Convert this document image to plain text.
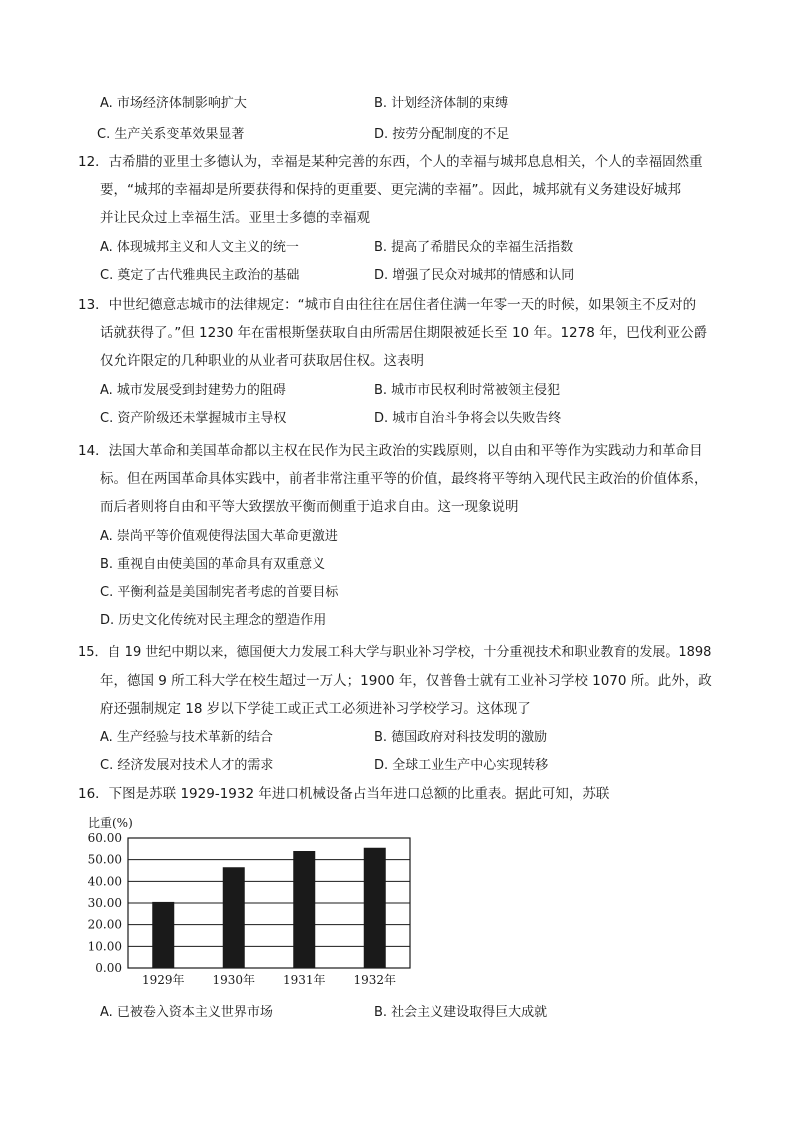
A. 市场经济体制影响扩大	B. 计划经济体制的束缚
C. 生产关系变革效果显著	D. 按劳分配制度的不足
12．古希腊的亚里士多德认为，幸福是某种完善的东西，个人的幸福与城邦息息相关，个人的幸福固然重
要，“城邦的幸福却是所要获得和保持的更重要、更完满的幸福”。因此，城邦就有义务建设好城邦
并让民众过上幸福生活。亚里士多德的幸福观
A. 体现城邦主义和人文主义的统一	B. 提高了希腊民众的幸福生活指数
C. 奠定了古代雅典民主政治的基础	D. 增强了民众对城邦的情感和认同
13．中世纪德意志城市的法律规定：“城市自由往往在居住者住满一年零一天的时候，如果领主不反对的
话就获得了。”但 1230 年在雷根斯堡获取自由所需居住期限被延长至 10 年。1278 年，巴伐利亚公爵
仅允许限定的几种职业的从业者可获取居住权。这表明
A. 城市发展受到封建势力的阻碍	B. 城市市民权利时常被领主侵犯
C. 资产阶级还未掌握城市主导权	D. 城市自治斗争将会以失败告终
14．法国大革命和美国革命都以主权在民作为民主政治的实践原则，以自由和平等作为实践动力和革命目
标。但在两国革命具体实践中，前者非常注重平等的价值，最终将平等纳入现代民主政治的价值体系，
而后者则将自由和平等大致摆放平衡而侧重于追求自由。这一现象说明
A. 崇尚平等价值观使得法国大革命更激进
B. 重视自由使美国的革命具有双重意义
C. 平衡利益是美国制宪者考虑的首要目标
D. 历史文化传统对民主理念的塑造作用
15．自 19 世纪中期以来，德国便大力发展工科大学与职业补习学校，十分重视技术和职业教育的发展。1898
年，德国 9 所工科大学在校生超过一万人；1900 年，仅普鲁士就有工业补习学校 1070 所。此外，政
府还强制规定 18 岁以下学徒工或正式工必须进补习学校学习。这体现了
A. 生产经验与技术革新的结合	B. 德国政府对科技发明的激励
C. 经济发展对技术人才的需求	D. 全球工业生产中心实现转移
16．下图是苏联 1929-1932 年进口机械设备占当年进口总额的比重表。据此可知，苏联
比重(%)
0.00
10.00
20.00
30.00
40.00
50.00
60.00
1929年 1930年 1931年 1932年
A. 已被卷入资本主义世界市场	B. 社会主义建设取得巨大成就
